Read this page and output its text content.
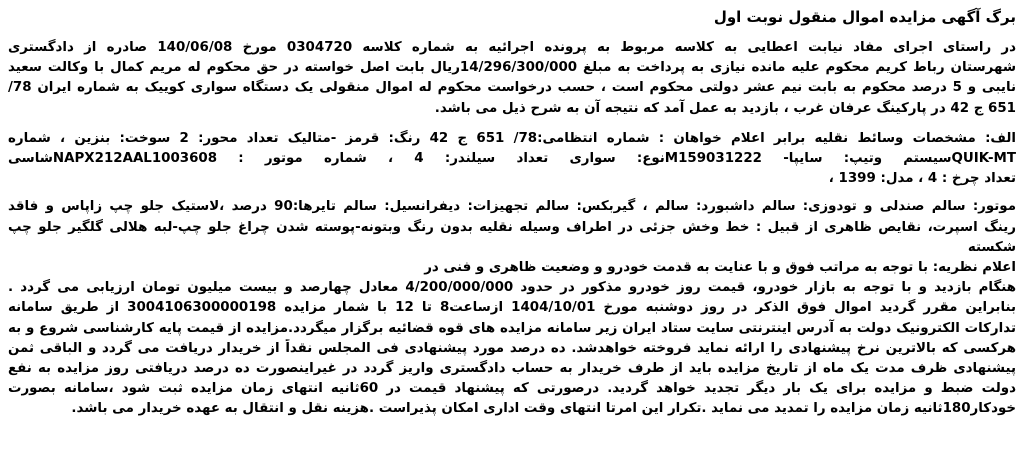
برگ آگهی مزایده اموال منقول نوبت اول

در راستای اجرای مفاد نیابت اعطایی به کلاسه مربوط به پرونده اجرائیه به شماره کلاسه 0304720 مورخ 140/06/08 صادره از دادگستری

شهرستان رباط کریم محکوم علیه مانده نیازی به پرداخت به مبلغ 14/296/300/000ریال بابت اصل خواسته در حق محکوم له مریم کمال با وکالت سعید

نایبی و 5 درصد محکوم به بابت نیم عشر دولتی محکوم است ، حسب درخواست محکوم له اموال منقولی یک دستگاه سواری کوییک به شماره ایران 78/

651 ج 42 در پارکینگ عرفان غرب ، بازدید به عمل آمد که نتیجه آن به شرح ذیل می باشد.

الف: مشخصات وسائط نقلیه برابر اعلام خواهان : شماره انتظامی:78/ 651 ج 42 رنگ: قرمز -متالیک تعداد محور: 2 سوخت: بنزین ، شماره

QUIK-MTسیستم وتیپ: سایپا- M159031222نوع: سواری تعداد سیلندر: 4 ، شماره موتور : NAPX212AAL1003608شاسی

تعداد چرخ : 4 ، مدل: 1399 ،

موتور: سالم صندلی و تودوزی: سالم داشبورد: سالم ، گیربکس: سالم تجهیزات: دیفرانسیل: سالم تایرها:90 درصد ،لاستیک جلو چپ زاپاس و فاقد

رینگ اسپرت، نقایص ظاهری از قبیل : خط وخش جزئی در اطراف وسیله نقلیه بدون رنگ وبتونه-پوسته شدن چراغ جلو چپ-لبه هلالی گلگیر جلو چپ

شکسته

اعلام نظریه: با توجه به مراتب فوق و با عنایت به قدمت خودرو و وضعیت ظاهری و فنی در

هنگام بازدید و با توجه به بازار خودرو، قیمت روز خودرو مذکور در حدود 4/200/000/000 معادل چهارصد و بیست میلیون تومان ارزیابی می گردد .

بنابراین مقرر گردید اموال فوق الذکر در روز دوشنبه مورخ 1404/10/01 ازساعت8 تا 12 با شمار مزایده 3004106300000198 از طریق سامانه

تدارکات الکترونیک دولت به آدرس اینترنتی سایت ستاد ایران زیر سامانه مزایده های قوه قضائیه برگزار میگردد.مزایده از قیمت پایه کارشناسی شروع و به

هرکسی که بالاترین نرخ پیشنهادی را ارائه نماید فروخته خواهدشد. ده درصد مورد پیشنهادی فی المجلس نقداً از خریدار دریافت می گردد و الباقی ثمن

پیشنهادی ظرف مدت یک ماه از تاریخ مزایده باید از طرف خریدار به حساب دادگستری واریز گردد در غیراینصورت ده درصد دریافتی روز مزایده به نفع

دولت ضبط و مزایده برای یک بار دیگر تجدید خواهد گردید. درصورتی که پیشنهاد قیمت در 60ثانیه انتهای زمان مزایده ثبت شود ،سامانه بصورت

خودکار180ثانیه زمان مزایده را تمدید می نماید .تکرار این امرتا انتهای وقت اداری امکان پذیراست .هزینه نقل و انتقال به عهده خریدار می باشد.
